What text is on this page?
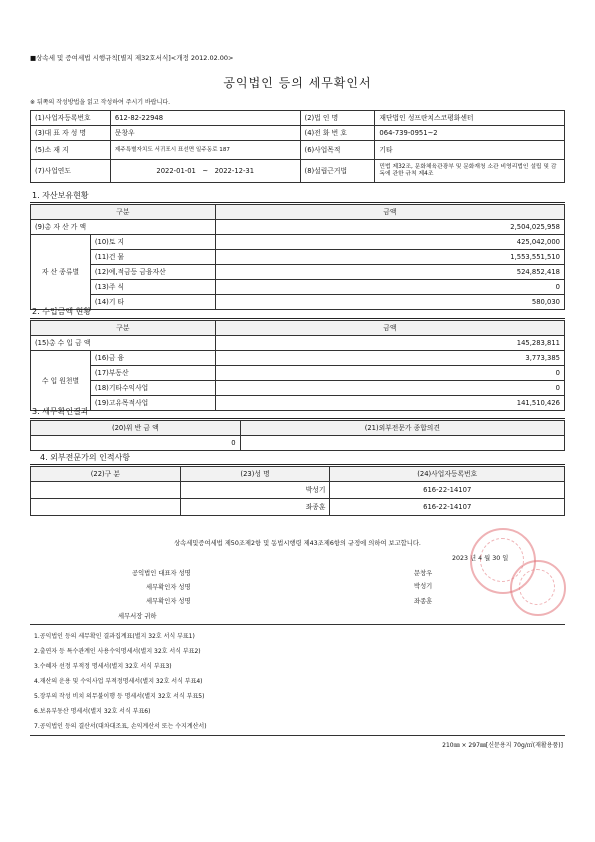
■상속세 및 증여세법 시행규칙[별지 제32호서식]<개정 2012.02.00>
공익법인 등의 세무확인서
※ 뒤쪽의 작성방법을 읽고 작성하여 주시기 바랍니다.
(1)사업자등록번호	612-82-22948	(2)법 인 명	재단법인 성프란치스코평화센터
(3)대 표 자 성 명	문창우	(4)전 화 번 호	064-739-0951~2
(5)소 재 지	제주특별자치도 서귀포시 표선면 일주동로 187	(6)사업목적	기타
(7)사업연도	2022-01-01 ~ 2022-12-31	(8)설립근거법	민법 제32조, 문화체육관광부 및 문화재청 소관 비영리법인 설립 및 감독에 관한 규칙 제4조
1. 자산보유현황
구분		금액
(9)총 자 산 가 액		2,504,025,958
자 산 종류별	(10)토 지	425,042,000
	(11)건 물	1,553,551,510
	(12)예,적금등 금융자산	524,852,418
	(13)주 식	0
	(14)기 타	580,030
2. 수입금액 현황
구분		금액
(15)총 수 입 금 액		145,283,811
수 입 원천별	(16)금 융	3,773,385
	(17)부동산	0
	(18)기타수익사업	0
	(19)고유목적사업	141,510,426
3. 세무확인결과
(20)위 반 금 액	(21)외부전문가 종합의견
0	
4. 외부전문가의 인적사항
(22)구 분	(23)성 명	(24)사업자등록번호
	박성기	616-22-14107
	좌종훈	616-22-14107
상속세및증여세법 제50조제2항 및 동법시행령 제43조제6항의 규정에 의하여 보고합니다.
2023 년 4 월 30 일
공익법인 대표자 성명	문창우
세무확인자 성명	박성기
세무확인자 성명	좌종훈
세무서장 귀하
1.공익법인 등의 세무확인 결과집계표(별지 32호 서식 부표1)
2.출연자 등 특수관계인 사용수익명세서(별지 32호 서식 부표2)
3.수혜자 선정 부적정 명세서(별지 32호 서식 부표3)
4.재산의 운용 및 수익사업 부적정명세서(별지 32호 서식 부표4)
5.장부의 작성 비치 의무불이행 등 명세서(별지 32호 서식 부표5)
6.보유부동산 명세서(별지 32호 서식 부표6)
7.공익법인 등의 결산서(대차대조표, 손익계산서 또는 수지계산서)
210㎜ × 297㎜[신문용지 70g/㎡(재활용품)]
